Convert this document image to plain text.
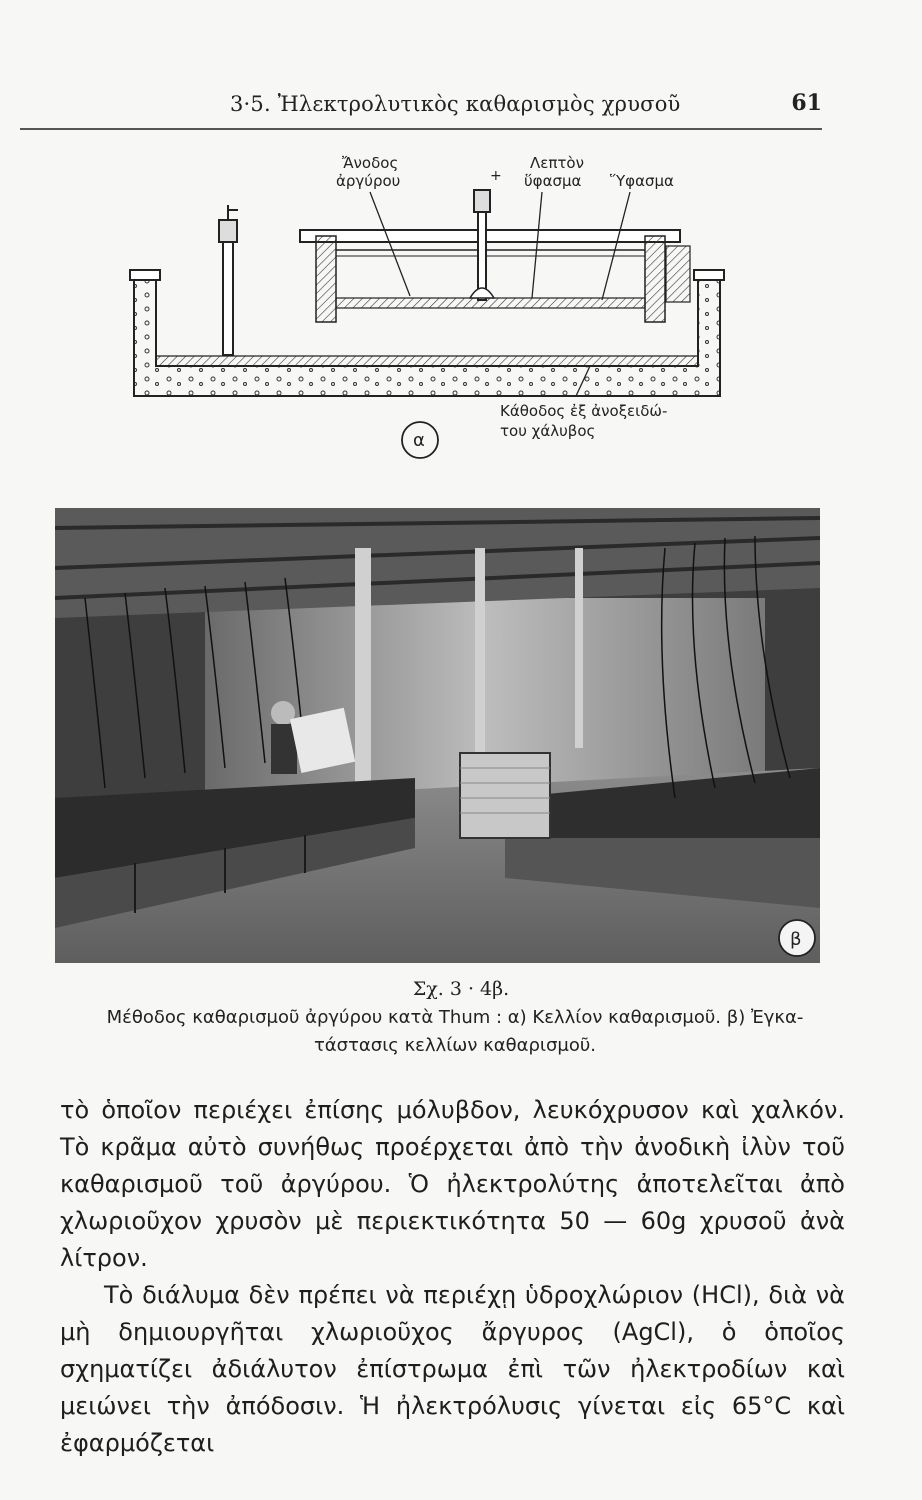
3·5. Ἠλεκτρολυτικὸς καθαρισμὸς χρυσοῦ	61
Ἄνοδος
ἀργύρου	+
Λεπτὸν
ὕφασμα Ὕφασμα
Κάθοδος ἐξ ἀνοξειδώ-
του χάλυβος
α
β
Σχ. 3 · 4β.
Μέθοδος καθαρισμοῦ ἀργύρου κατὰ Thum : α) Κελλίον καθαρισμοῦ. β) Ἐγκα-
τάστασις κελλίων καθαρισμοῦ.

τὸ ὁποῖον περιέχει ἐπίσης μόλυβδον, λευκόχρυσον καὶ χαλκόν. Τὸ κρᾶμα αὐτὸ συνήθως προέρχεται ἀπὸ τὴν ἀνοδικὴ ἰλὺν τοῦ καθαρισμοῦ τοῦ ἀργύρου. Ὁ ἠλεκτρολύτης ἀποτελεῖται ἀπὸ χλωριοῦχον χρυσὸν μὲ περιεκτικότητα 50 — 60g χρυσοῦ ἀνὰ λίτρον.

Τὸ διάλυμα δὲν πρέπει νὰ περιέχῃ ὑδροχλώριον (HCl), διὰ νὰ μὴ δημιουργῆται χλωριοῦχος ἄργυρος (AgCl), ὁ ὁποῖος σχηματίζει ἀδιάλυτον ἐπίστρωμα ἐπὶ τῶν ἠλεκτροδίων καὶ μειώνει τὴν ἀπόδοσιν. Ἡ ἠλεκτρόλυσις γίνεται εἰς 65°C καὶ ἐφαρμόζεται
